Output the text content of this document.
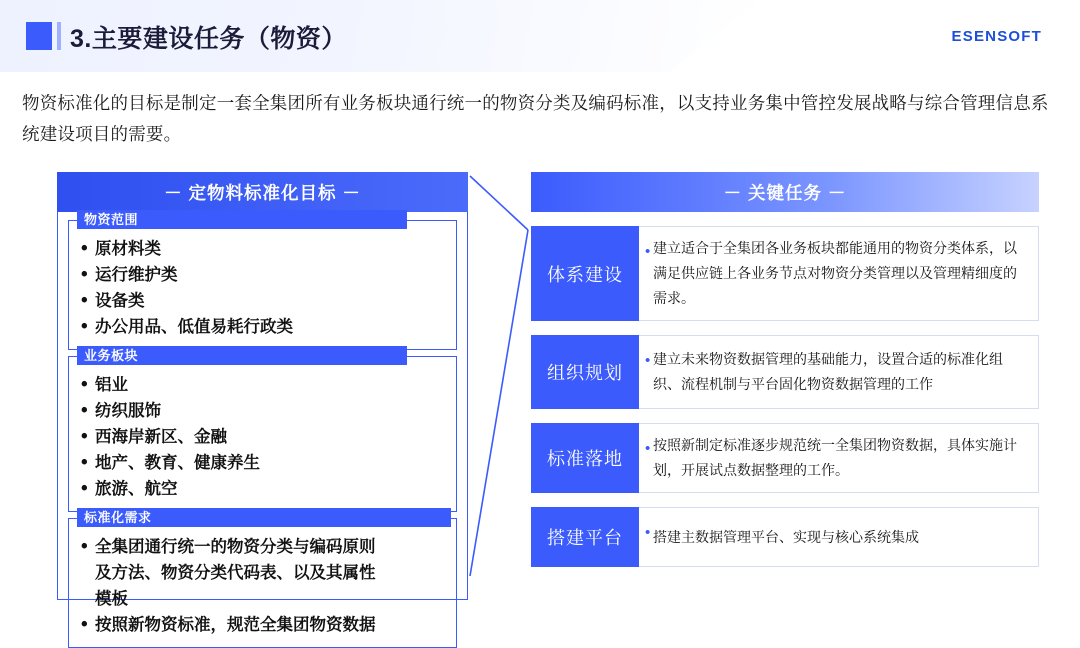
3.主要建设任务（物资）	ESENSOFT
物资标准化的目标是制定一套全集团所有业务板块通行统一的物资分类及编码标准，以支持业务集中管控发展战略与综合管理信息系统建设项目的需要。
－ 定物料标准化目标 －
物资范围
• 原材料类
• 运行维护类
• 设备类
• 办公用品、低值易耗行政类
业务板块
• 铝业
• 纺织服饰
• 西海岸新区、金融
• 地产、教育、健康养生
• 旅游、航空
标准化需求
• 全集团通行统一的物资分类与编码原则
及方法、物资分类代码表、以及其属性
模板
• 按照新物资标准，规范全集团物资数据
－ 关键任务 －
体系建设
• 建立适合于全集团各业务板块都能通用的物资分类体系，以满足供应链上各业务节点对物资分类管理以及管理精细度的需求。
组织规划
• 建立未来物资数据管理的基础能力，设置合适的标准化组织、流程机制与平台固化物资数据管理的工作
标准落地
• 按照新制定标准逐步规范统一全集团物资数据，具体实施计划，开展试点数据整理的工作。
搭建平台	• 搭建主数据管理平台、实现与核心系统集成
